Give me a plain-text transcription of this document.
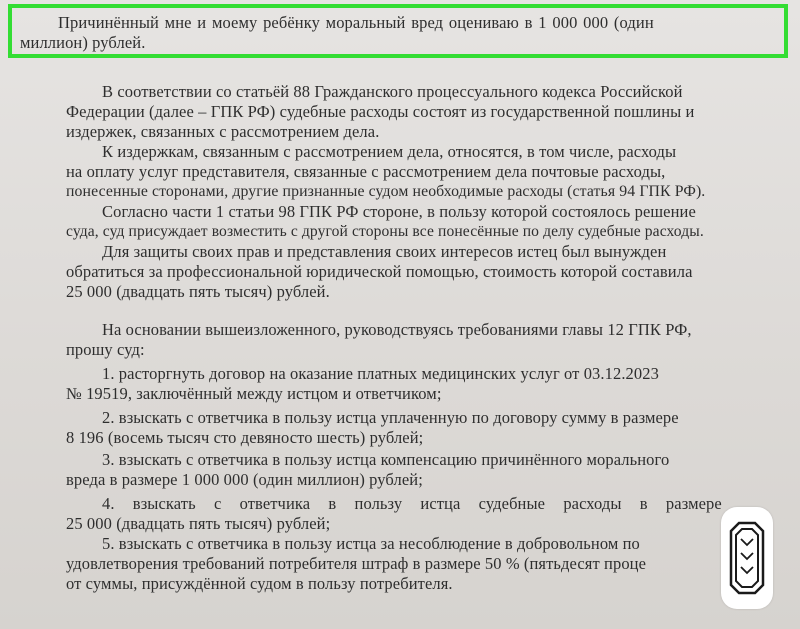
Причинённый мне и моему ребёнку моральный вред оцениваю в 1 000 000 (один
миллион) рублей.
В соответствии со статьёй 88 Гражданского процессуального кодекса Российской
Федерации (далее – ГПК РФ) судебные расходы состоят из государственной пошлины и
издержек, связанных с рассмотрением дела.
К издержкам, связанным с рассмотрением дела, относятся, в том числе, расходы
на оплату услуг представителя, связанные с рассмотрением дела почтовые расходы,
понесенные сторонами, другие признанные судом необходимые расходы (статья 94 ГПК РФ).
Согласно части 1 статьи 98 ГПК РФ стороне, в пользу которой состоялось решение
суда, суд присуждает возместить с другой стороны все понесённые по делу судебные расходы.
Для защиты своих прав и представления своих интересов истец был вынужден
обратиться за профессиональной юридической помощью, стоимость которой составила
25 000 (двадцать пять тысяч) рублей.
На основании вышеизложенного, руководствуясь требованиями главы 12 ГПК РФ,
прошу суд:
1. расторгнуть договор на оказание платных медицинских услуг от 03.12.2023
№ 19519, заключённый между истцом и ответчиком;
2. взыскать с ответчика в пользу истца уплаченную по договору сумму в размере
8 196 (восемь тысяч сто девяносто шесть) рублей;
3. взыскать с ответчика в пользу истца компенсацию причинённого морального
вреда в размере 1 000 000 (один миллион) рублей;
4. взыскать с ответчика в пользу истца судебные расходы в размере
25 000 (двадцать пять тысяч) рублей;
5. взыскать с ответчика в пользу истца за несоблюдение в добровольном по
удовлетворения требований потребителя штраф в размере 50 % (пятьдесят проце
от суммы, присуждённой судом в пользу потребителя.
